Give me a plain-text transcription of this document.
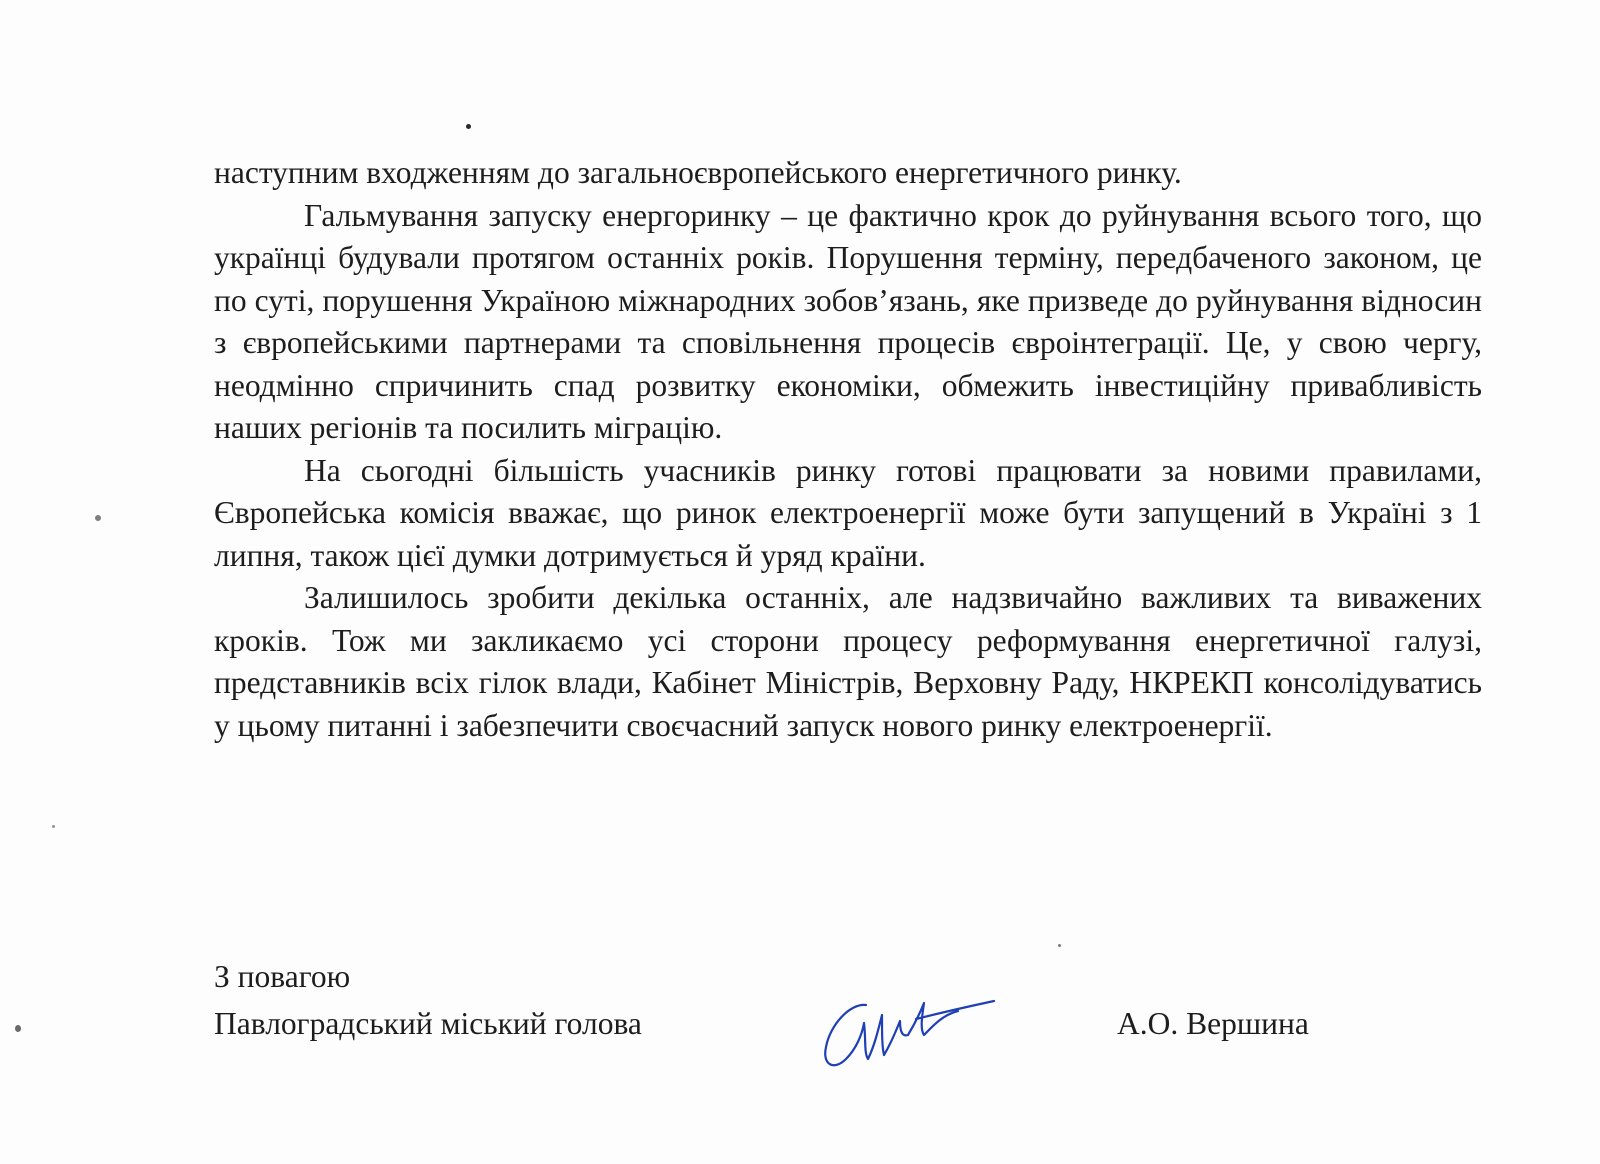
наступним входженням до загальноєвропейського енергетичного ринку.

Гальмування запуску енергоринку – це фактично крок до руйнування всього того, що українці будували протягом останніх років. Порушення терміну, передбаченого законом, це по суті, порушення Україною міжнародних зобов’язань, яке призведе до руйнування відносин з європейськими партнерами та сповільнення процесів євроінтеграції. Це, у свою чергу, неодмінно спричинить спад розвитку економіки, обмежить інвестиційну привабливість наших регіонів та посилить міграцію.

На сьогодні більшість учасників ринку готові працювати за новими правилами, Європейська комісія вважає, що ринок електроенергії може бути запущений в Україні з 1 липня, також цієї думки дотримується й уряд країни.

Залишилось зробити декілька останніх, але надзвичайно важливих та виважених кроків. Тож ми закликаємо усі сторони процесу реформування енергетичної галузі, представників всіх гілок влади, Кабінет Міністрів, Верховну Раду, НКРЕКП консолідуватись у цьому питанні і забезпечити своєчасний запуск нового ринку електроенергії.

З повагою
Павлоградський міський голова	А.О. Вершина
